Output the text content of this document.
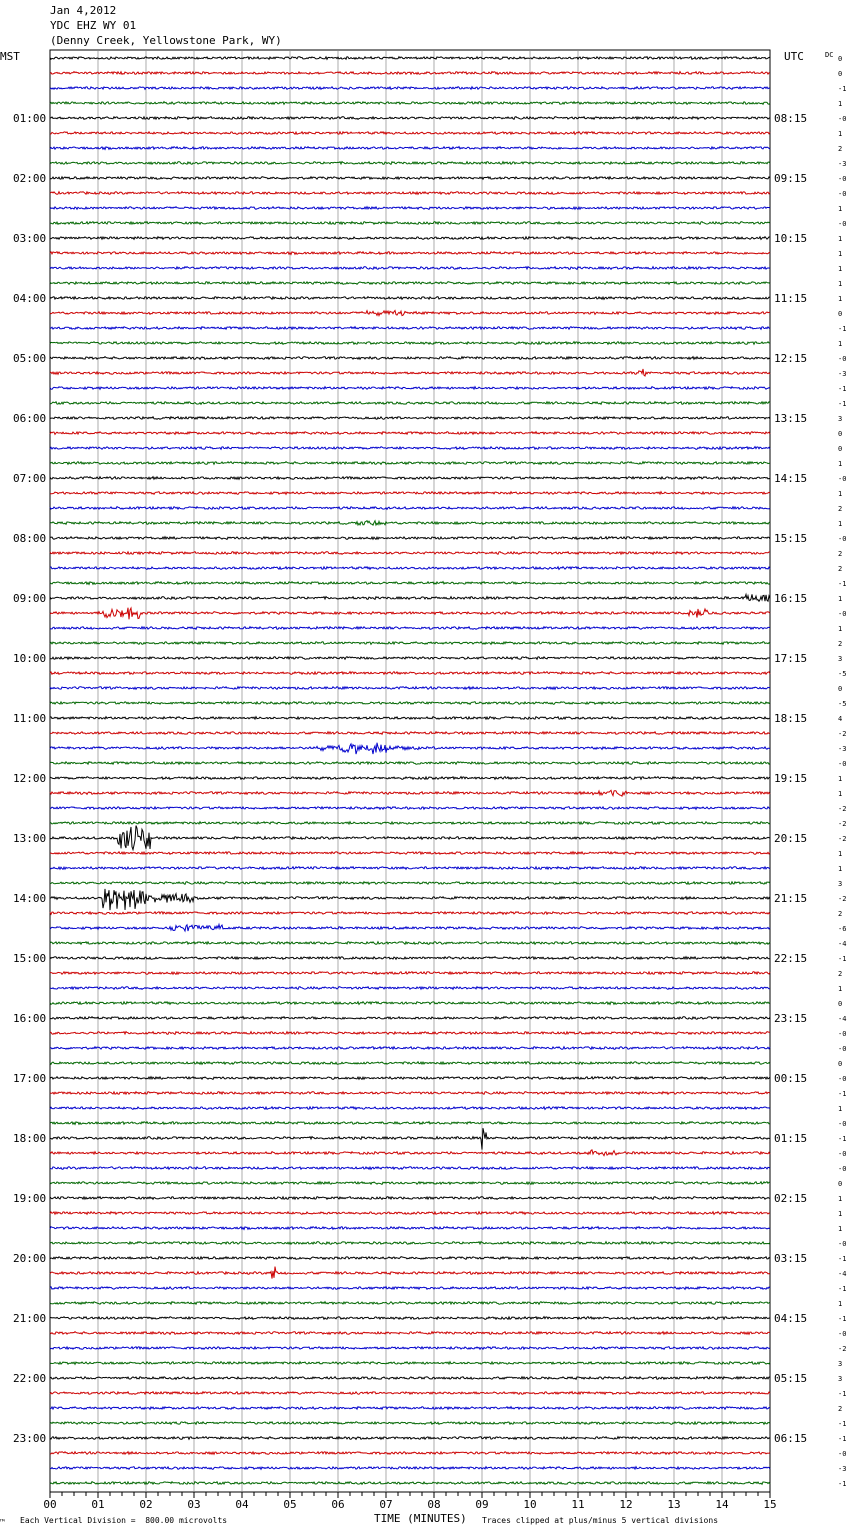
Jan 4,2012
YDC EHZ WY 01
(Denny Creek, Yellowstone Park, WY)
MST	UTC	DC 0
0
-1
1
-0
1
2
-3
-0
-0
1
-0
1
1
1
1
1
0
-1
1
-0
-3
-1
-1
3
0
0
1
-0
1
2
1
-0
2
2
-1
1
-0
1
2
3
-5
0
-5
4
-2
-3
-0
1
1
-2
-2
-2
1
1
3
-2
2
-6
-4
-1
2
1
0
-4
-0
-0
0
-0
-1
1
-0
-1
-0
-0
0
1
1
1
-0
-1
-4
-1
1
-1
-0
-2
3
3
-1
2
-1
-1
-0
-3
-1
01:00
02:00
03:00
04:00
05:00
06:00
07:00
08:00
09:00
10:00
11:00
12:00
13:00
14:00
15:00
16:00
17:00
18:00
19:00
20:00
21:00
22:00
23:00
08:15
09:15
10:15
11:15
12:15
13:15
14:15
15:15
16:15
17:15
18:15
19:15
20:15
21:15
22:15
23:15
00:15
01:15
02:15
03:15
04:15
05:15
06:15
00	01	02	03	04	05	06	07	08	09	10	11	12	13	14	15
™ Each Vertical Division =  800.00 microvolts	TIME (MINUTES) Traces clipped at plus/minus 5 vertical divisions
